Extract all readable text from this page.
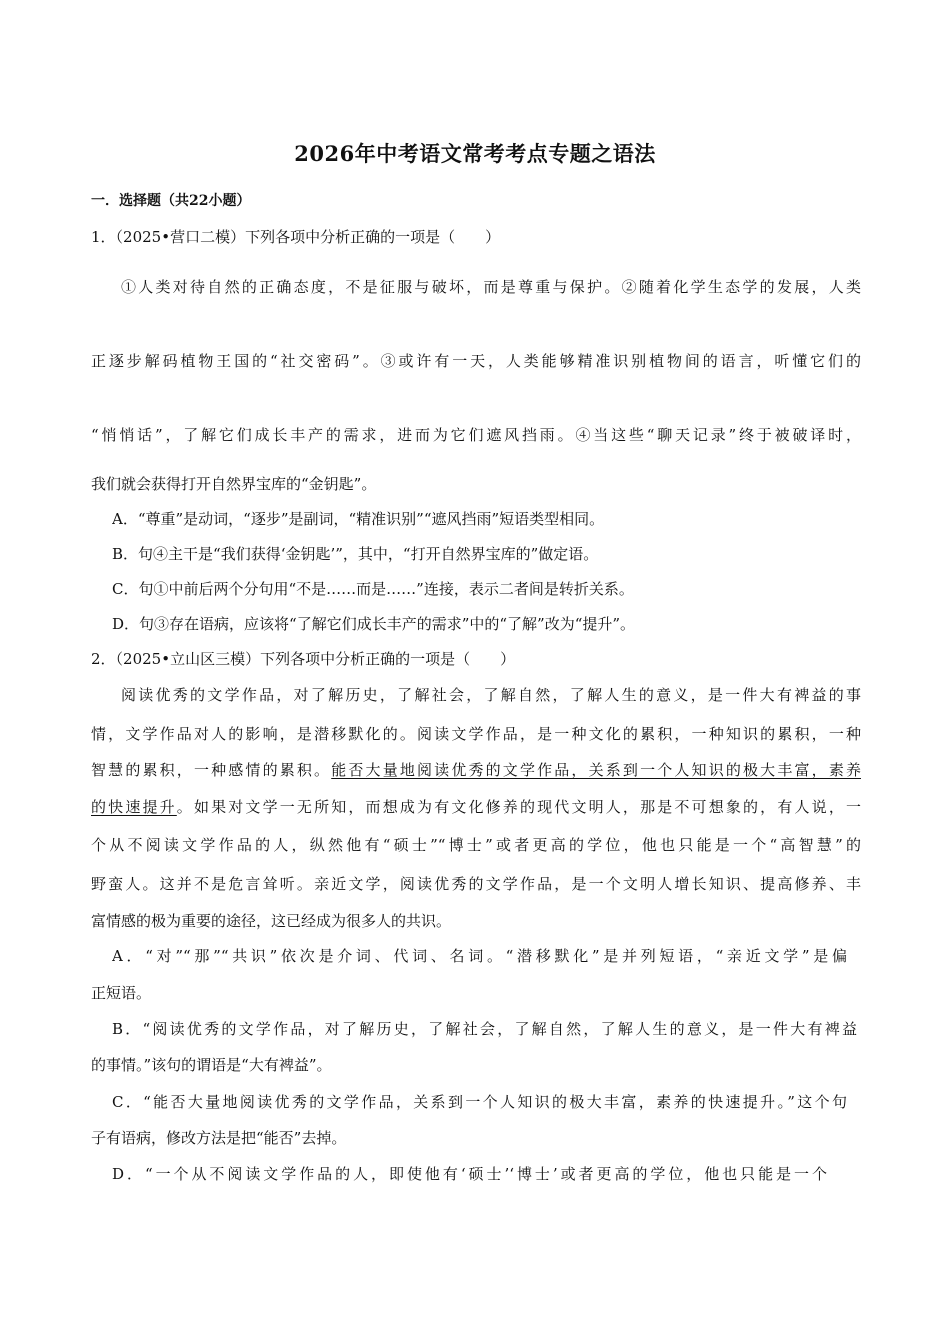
2026年中考语文常考考点专题之语法
一．选择题（共22小题）
1．（2025•营口二模）下列各项中分析正确的一项是（　　）
①人类对待自然的正确态度，不是征服与破坏，而是尊重与保护。②随着化学生态学的发展，人类
正逐步解码植物王国的“社交密码”。③或许有一天，人类能够精准识别植物间的语言，听懂它们的
“悄悄话”，了解它们成长丰产的需求，进而为它们遮风挡雨。④当这些“聊天记录”终于被破译时，
我们就会获得打开自然界宝库的“金钥匙”。
A．“尊重”是动词，“逐步”是副词，“精准识别”“遮风挡雨”短语类型相同。
B．句④主干是“我们获得‘金钥匙’”，其中，“打开自然界宝库的”做定语。
C．句①中前后两个分句用“不是……而是……”连接，表示二者间是转折关系。
D．句③存在语病，应该将“了解它们成长丰产的需求”中的“了解”改为“提升”。
2．（2025•立山区三模）下列各项中分析正确的一项是（　　）
阅读优秀的文学作品，对了解历史，了解社会，了解自然，了解人生的意义，是一件大有裨益的事
情，文学作品对人的影响，是潜移默化的。阅读文学作品，是一种文化的累积，一种知识的累积，一种
智慧的累积，一种感情的累积。能否大量地阅读优秀的文学作品，关系到一个人知识的极大丰富，素养
的快速提升。如果对文学一无所知，而想成为有文化修养的现代文明人，那是不可想象的，有人说，一
个从不阅读文学作品的人，纵然他有“硕士”“博士”或者更高的学位，他也只能是一个“高智慧”的
野蛮人。这并不是危言耸听。亲近文学，阅读优秀的文学作品，是一个文明人增长知识、提高修养、丰
富情感的极为重要的途径，这已经成为很多人的共识。
A．“对”“那”“共识”依次是介词、代词、名词。“潜移默化”是并列短语，“亲近文学”是偏
正短语。
B．“阅读优秀的文学作品，对了解历史，了解社会，了解自然，了解人生的意义，是一件大有裨益
的事情。”该句的谓语是“大有裨益”。
C．“能否大量地阅读优秀的文学作品，关系到一个人知识的极大丰富，素养的快速提升。”这个句
子有语病，修改方法是把“能否”去掉。
D．“一个从不阅读文学作品的人，即使他有‘硕士’‘博士’或者更高的学位，他也只能是一个
